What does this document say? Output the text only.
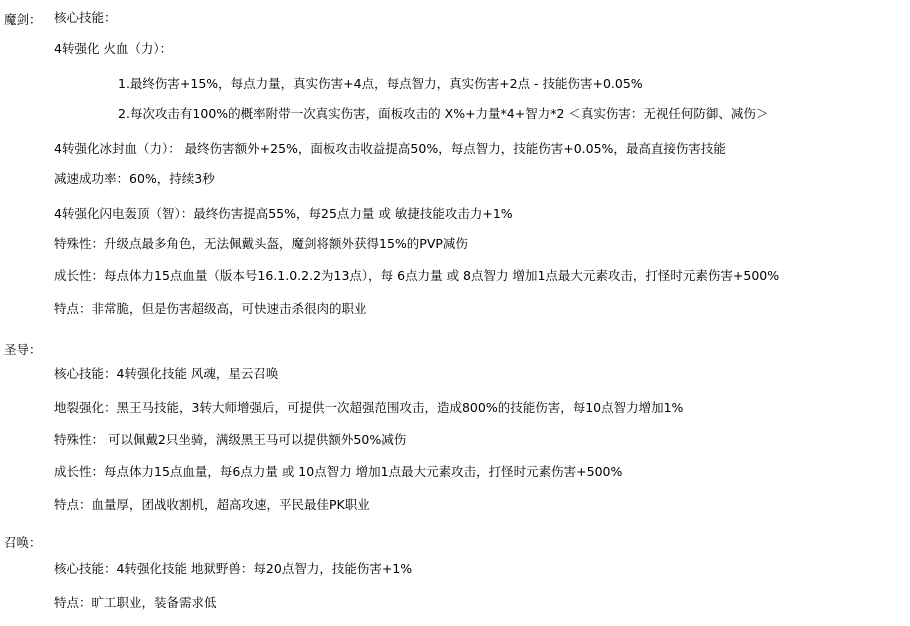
魔剑： 核心技能：
4转强化 火血（力）：
1.最终伤害+15%，每点力量，真实伤害+4点，每点智力，真实伤害+2点 - 技能伤害+0.05%
2.每次攻击有100%的概率附带一次真实伤害，面板攻击的 X%+力量*4+智力*2 ＜真实伤害：无视任何防御、减伤＞
4转强化冰封血（力）： 最终伤害额外+25%，面板攻击收益提高50%，每点智力，技能伤害+0.05%，最高直接伤害技能
减速成功率：60%，持续3秒
4转强化闪电轰顶（智）：最终伤害提高55%，每25点力量 或 敏捷技能攻击力+1%
特殊性：升级点最多角色，无法佩戴头盔，魔剑将额外获得15%的PVP减伤
成长性：每点体力15点血量（版本号16.1.0.2.2为13点），每 6点力量 或 8点智力 增加1点最大元素攻击，打怪时元素伤害+500%
特点：非常脆，但是伤害超级高，可快速击杀很肉的职业
圣导：
核心技能：4转强化技能 风魂，星云召唤
地裂强化：黑王马技能，3转大师增强后，可提供一次超强范围攻击，造成800%的技能伤害，每10点智力增加1%
特殊性： 可以佩戴2只坐骑，满级黑王马可以提供额外50%减伤
成长性：每点体力15点血量，每6点力量 或 10点智力 增加1点最大元素攻击，打怪时元素伤害+500%
特点：血量厚，团战收割机，超高攻速，平民最佳PK职业
召唤：
核心技能：4转强化技能 地狱野兽：每20点智力，技能伤害+1%
特点：旷工职业，装备需求低
